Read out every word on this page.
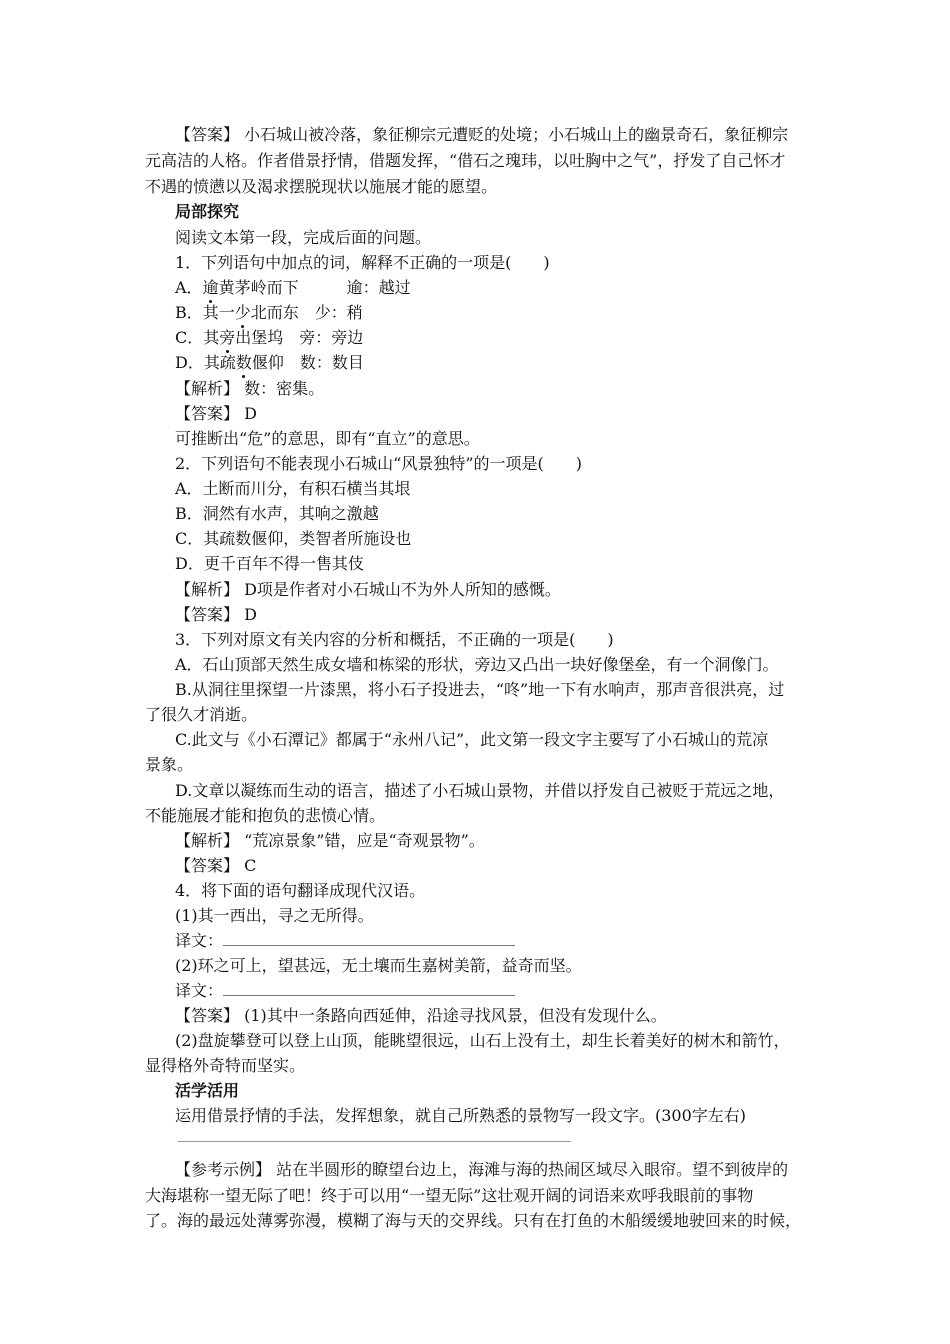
【答案】 小石城山被冷落，象征柳宗元遭贬的处境；小石城山上的幽景奇石，象征柳宗
元高洁的人格。作者借景抒情，借题发挥，“借石之瑰玮，以吐胸中之气”，抒发了自己怀才
不遇的愤懑以及渴求摆脱现状以施展才能的愿望。
局部探究
阅读文本第一段，完成后面的问题。
1．下列语句中加点的词，解释不正确的一项是(　　)
A．逾黄茅岭而下　　　逾：越过
B．其一少北而东　少：稍
C．其旁出堡坞　旁：旁边
D．其疏数偃仰　数：数目
【解析】 数：密集。
【答案】 D
可推断出“危”的意思，即有“直立”的意思。
2．下列语句不能表现小石城山“风景独特”的一项是(　　)
A．土断而川分，有积石横当其垠
B．洞然有水声，其响之激越
C．其疏数偃仰，类智者所施设也
D．更千百年不得一售其伎
【解析】 D项是作者对小石城山不为外人所知的感慨。
【答案】 D
3．下列对原文有关内容的分析和概括，不正确的一项是(　　)
A．石山顶部天然生成女墙和栋梁的形状，旁边又凸出一块好像堡垒，有一个洞像门。
B.从洞往里探望一片漆黑，将小石子投进去，“咚”地一下有水响声，那声音很洪亮，过
了很久才消逝。
C.此文与《小石潭记》都属于“永州八记”，此文第一段文字主要写了小石城山的荒凉
景象。
D.文章以凝练而生动的语言，描述了小石城山景物，并借以抒发自己被贬于荒远之地，
不能施展才能和抱负的悲愤心情。
【解析】 “荒凉景象”错，应是“奇观景物”。
【答案】 C
4．将下面的语句翻译成现代汉语。
(1)其一西出，寻之无所得。
译文：
(2)环之可上，望甚远，无土壤而生嘉树美箭，益奇而坚。
译文：
【答案】 (1)其中一条路向西延伸，沿途寻找风景，但没有发现什么。
(2)盘旋攀登可以登上山顶，能眺望很远，山石上没有土，却生长着美好的树木和箭竹，
显得格外奇特而坚实。
活学活用
运用借景抒情的手法，发挥想象，就自己所熟悉的景物写一段文字。(300字左右)
【参考示例】 站在半圆形的瞭望台边上，海滩与海的热闹区域尽入眼帘。望不到彼岸的
大海堪称一望无际了吧！终于可以用“一望无际”这壮观开阔的词语来欢呼我眼前的事物
了。海的最远处薄雾弥漫，模糊了海与天的交界线。只有在打鱼的木船缓缓地驶回来的时候，
